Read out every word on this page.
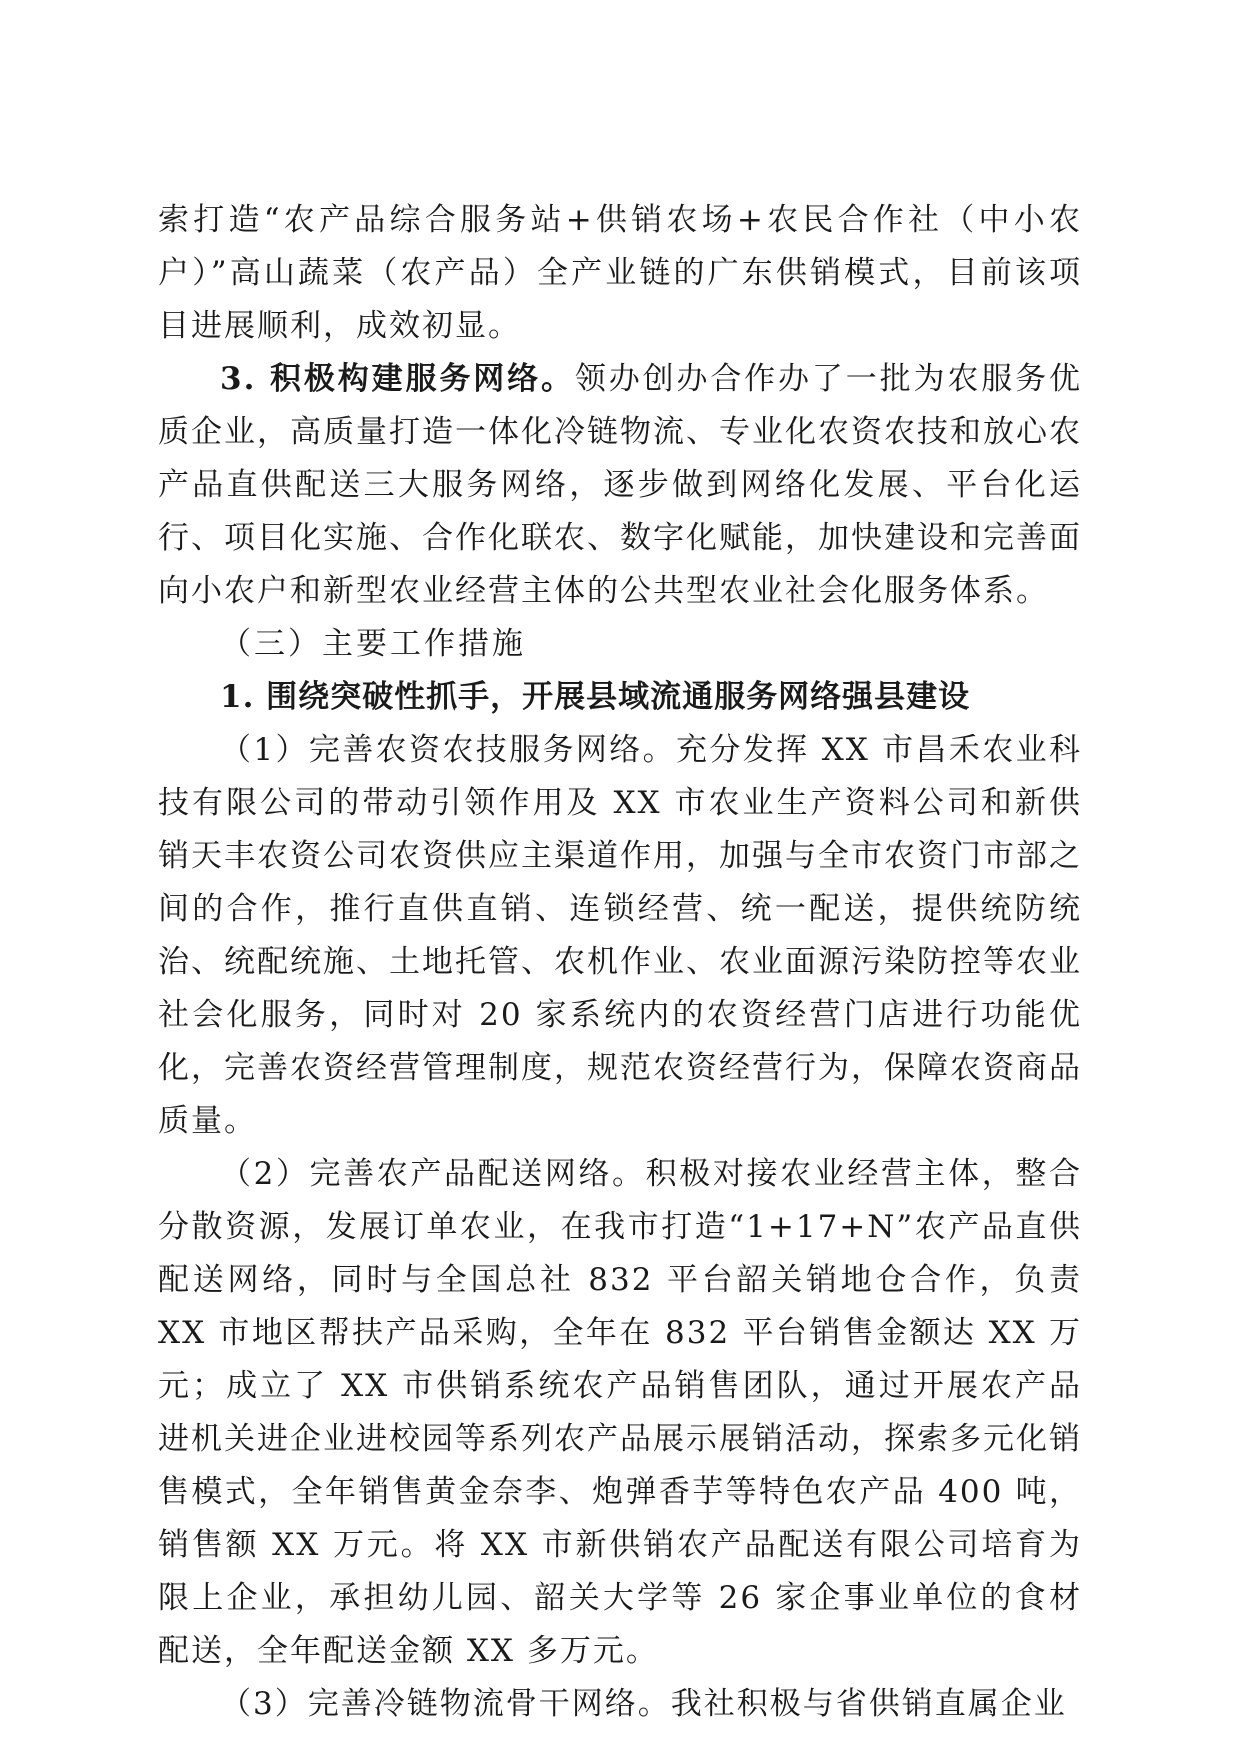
索打造“农产品综合服务站+供销农场+农民合作社（中小农户）”高山蔬菜（农产品）全产业链的广东供销模式，目前该项目进展顺利，成效初显。

3. 积极构建服务网络。领办创办合作办了一批为农服务优质企业，高质量打造一体化冷链物流、专业化农资农技和放心农产品直供配送三大服务网络，逐步做到网络化发展、平台化运行、项目化实施、合作化联农、数字化赋能，加快建设和完善面向小农户和新型农业经营主体的公共型农业社会化服务体系。

（三）主要工作措施

1. 围绕突破性抓手，开展县域流通服务网络强县建设

（1）完善农资农技服务网络。充分发挥 XX 市昌禾农业科技有限公司的带动引领作用及 XX 市农业生产资料公司和新供销天丰农资公司农资供应主渠道作用，加强与全市农资门市部之间的合作，推行直供直销、连锁经营、统一配送，提供统防统治、统配统施、土地托管、农机作业、农业面源污染防控等农业社会化服务，同时对 20 家系统内的农资经营门店进行功能优化，完善农资经营管理制度，规范农资经营行为，保障农资商品质量。

（2）完善农产品配送网络。积极对接农业经营主体，整合分散资源，发展订单农业，在我市打造“1+17+N”农产品直供配送网络，同时与全国总社 832 平台韶关销地仓合作，负责 XX 市地区帮扶产品采购，全年在 832 平台销售金额达 XX 万元；成立了 XX 市供销系统农产品销售团队，通过开展农产品进机关进企业进校园等系列农产品展示展销活动，探索多元化销售模式，全年销售黄金奈李、炮弹香芋等特色农产品 400 吨，销售额 XX 万元。将 XX 市新供销农产品配送有限公司培育为限上企业，承担幼儿园、韶关大学等 26 家企事业单位的食材配送，全年配送金额 XX 多万元。

（3）完善冷链物流骨干网络。我社积极与省供销直属企业
